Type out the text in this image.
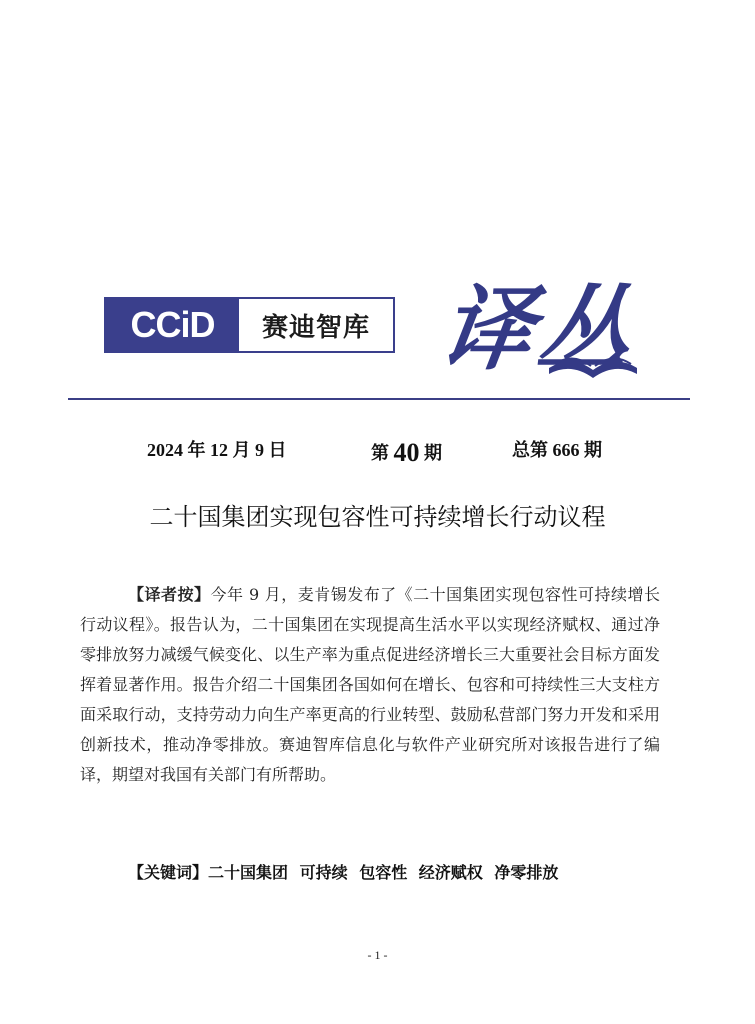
CCiD	赛迪智库 译丛
2024 年 12 月 9 日	第 40 期	总第 666 期
二十国集团实现包容性可持续增长行动议程

【译者按】今年 9 月，麦肯锡发布了《二十国集团实现包容性可持续增长行动议程》。报告认为，二十国集团在实现提高生活水平以实现经济赋权、通过净零排放努力减缓气候变化、以生产率为重点促进经济增长三大重要社会目标方面发挥着显著作用。报告介绍二十国集团各国如何在增长、包容和可持续性三大支柱方面采取行动，支持劳动力向生产率更高的行业转型、鼓励私营部门努力开发和采用创新技术，推动净零排放。赛迪智库信息化与软件产业研究所对该报告进行了编译，期望对我国有关部门有所帮助。

【关键词】二十国集团 可持续 包容性 经济赋权 净零排放
- 1 -
